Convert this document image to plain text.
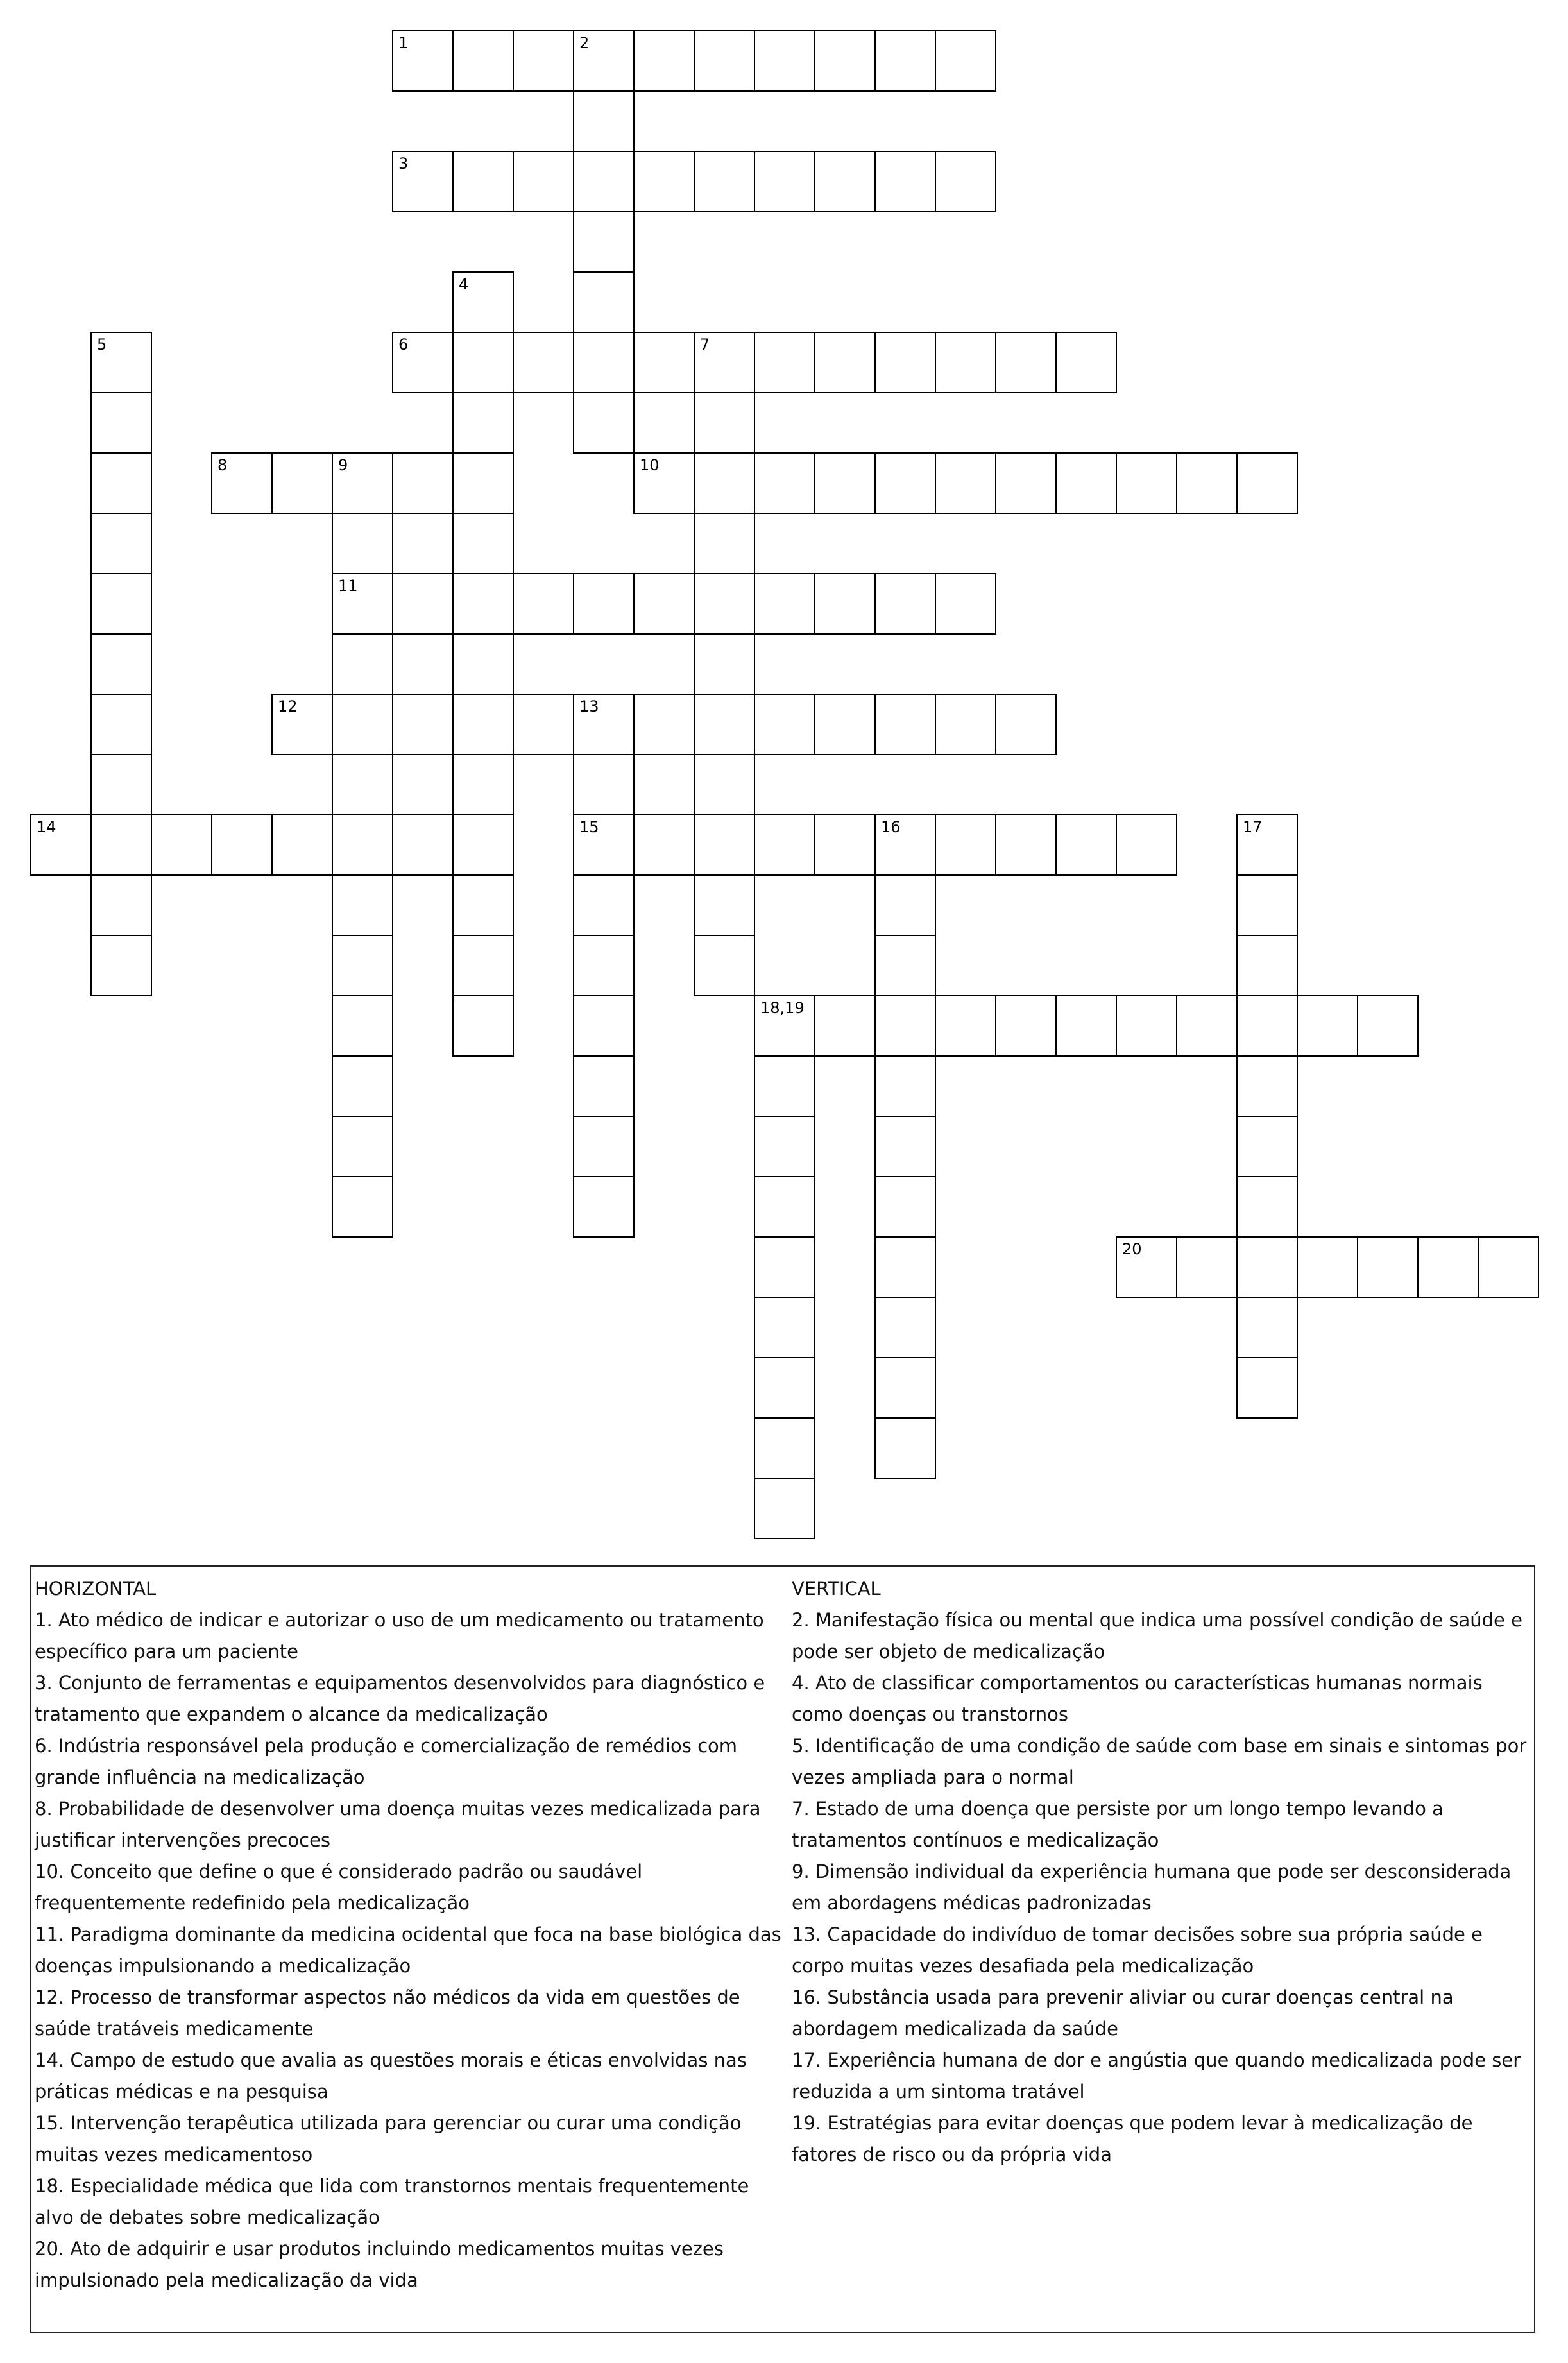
1	2
3
4
5	6	7
8	9	10
11
12	13
14	15	16	17
18,19
20

HORIZONTAL

1. Ato médico de indicar e autorizar o uso de um medicamento ou tratamento específico para um paciente

3. Conjunto de ferramentas e equipamentos desenvolvidos para diagnóstico e tratamento que expandem o alcance da medicalização

6. Indústria responsável pela produção e comercialização de remédios com grande influência na medicalização

8. Probabilidade de desenvolver uma doença muitas vezes medicalizada para justificar intervenções precoces

10. Conceito que define o que é considerado padrão ou saudável frequentemente redefinido pela medicalização

11. Paradigma dominante da medicina ocidental que foca na base biológica das doenças impulsionando a medicalização

12. Processo de transformar aspectos não médicos da vida em questões de saúde tratáveis medicamente

14. Campo de estudo que avalia as questões morais e éticas envolvidas nas práticas médicas e na pesquisa

15. Intervenção terapêutica utilizada para gerenciar ou curar uma condição muitas vezes medicamentoso

18. Especialidade médica que lida com transtornos mentais frequentemente alvo de debates sobre medicalização

20. Ato de adquirir e usar produtos incluindo medicamentos muitas vezes impulsionado pela medicalização da vida

VERTICAL

2. Manifestação física ou mental que indica uma possível condição de saúde e pode ser objeto de medicalização

4. Ato de classificar comportamentos ou características humanas normais como doenças ou transtornos

5. Identificação de uma condição de saúde com base em sinais e sintomas por vezes ampliada para o normal

7. Estado de uma doença que persiste por um longo tempo levando a tratamentos contínuos e medicalização

9. Dimensão individual da experiência humana que pode ser desconsiderada em abordagens médicas padronizadas

13. Capacidade do indivíduo de tomar decisões sobre sua própria saúde e corpo muitas vezes desafiada pela medicalização

16. Substância usada para prevenir aliviar ou curar doenças central na abordagem medicalizada da saúde

17. Experiência humana de dor e angústia que quando medicalizada pode ser reduzida a um sintoma tratável

19. Estratégias para evitar doenças que podem levar à medicalização de fatores de risco ou da própria vida
